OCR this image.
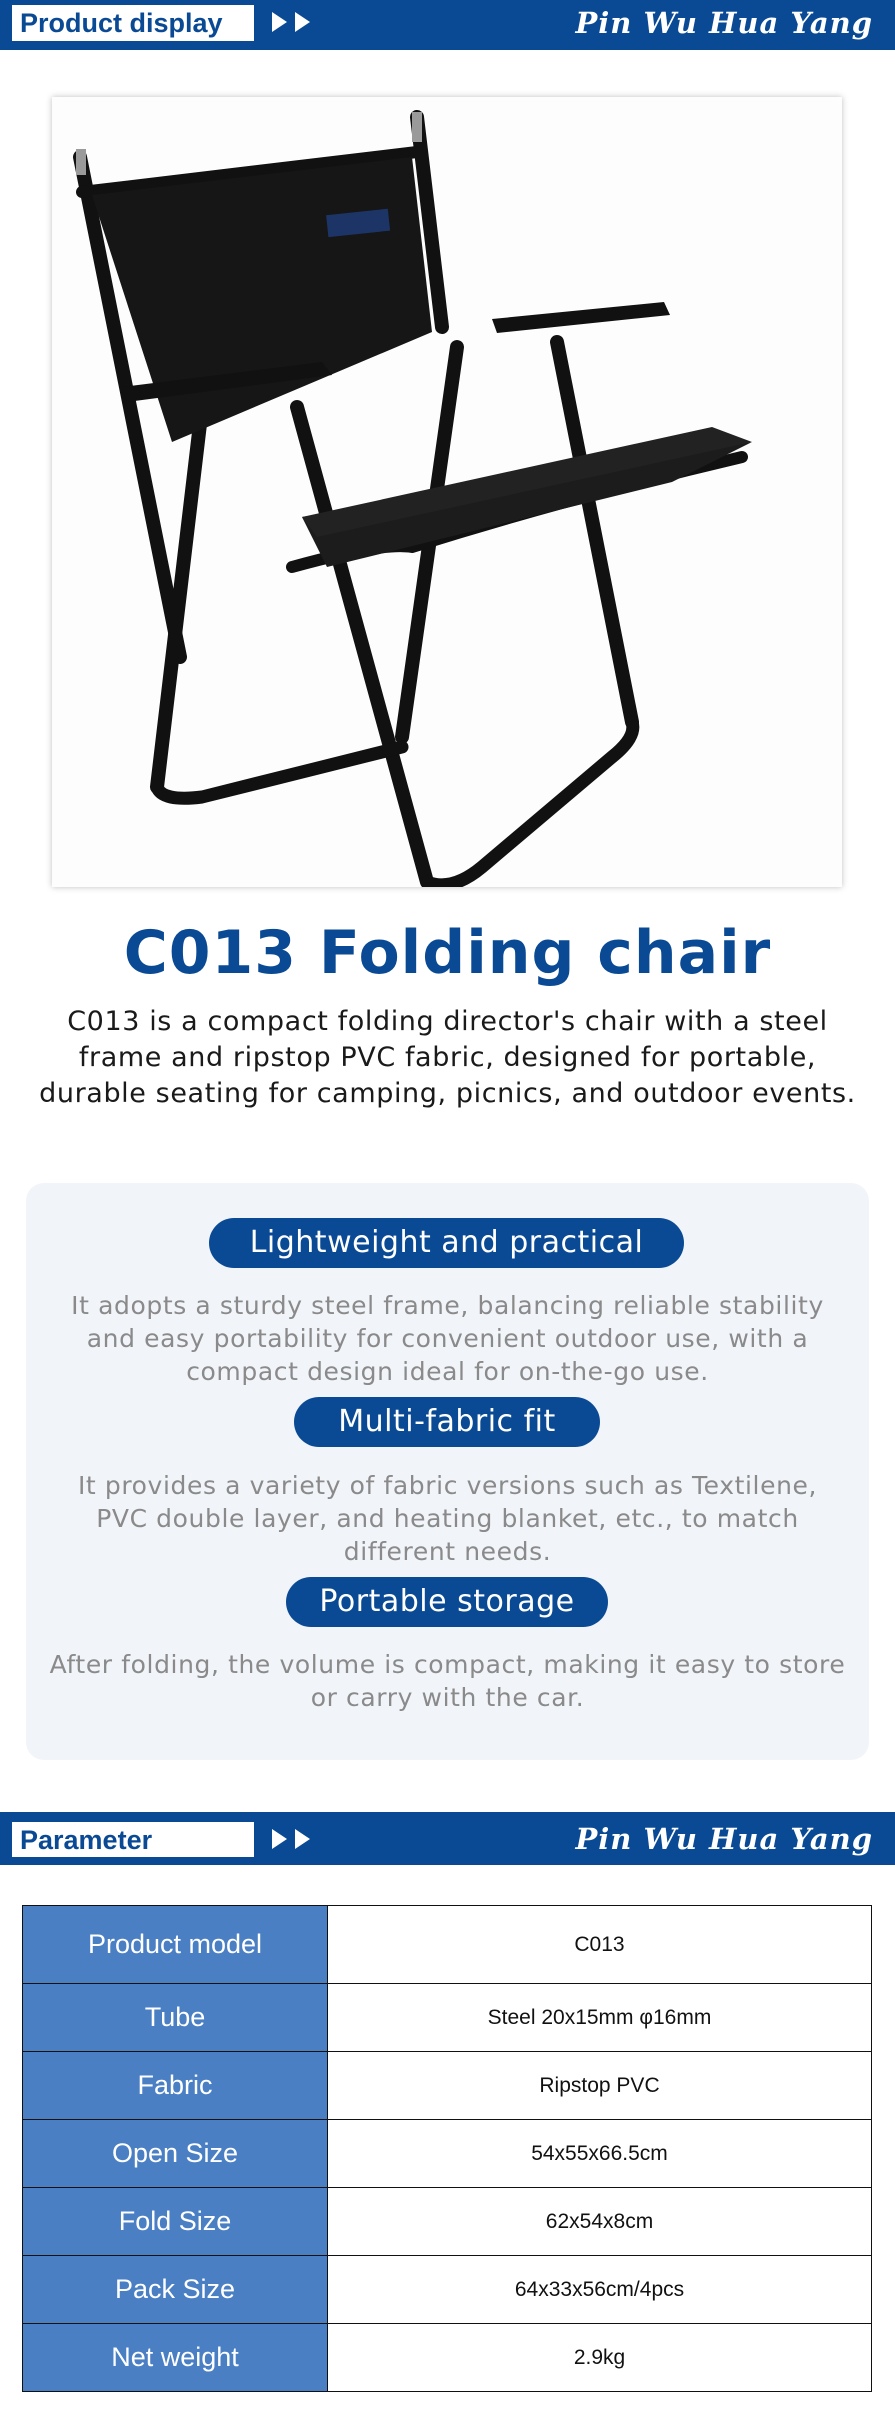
Product display	Pin Wu Hua Yang
C013 Folding chair
C013 is a compact folding director's chair with a steel
frame and ripstop PVC fabric, designed for portable,
durable seating for camping, picnics, and outdoor events.
Lightweight and practical
It adopts a sturdy steel frame, balancing reliable stability
and easy portability for convenient outdoor use, with a
compact design ideal for on-the-go use.
Multi-fabric fit
It provides a variety of fabric versions such as Textilene,
PVC double layer, and heating blanket, etc., to match
different needs.
Portable storage
After folding, the volume is compact, making it easy to store
or carry with the car.
Parameter	Pin Wu Hua Yang
Product model	C013
Tube	Steel 20x15mm φ16mm
Fabric	Ripstop PVC
Open Size	54x55x66.5cm
Fold Size	62x54x8cm
Pack Size	64x33x56cm/4pcs
Net weight	2.9kg
